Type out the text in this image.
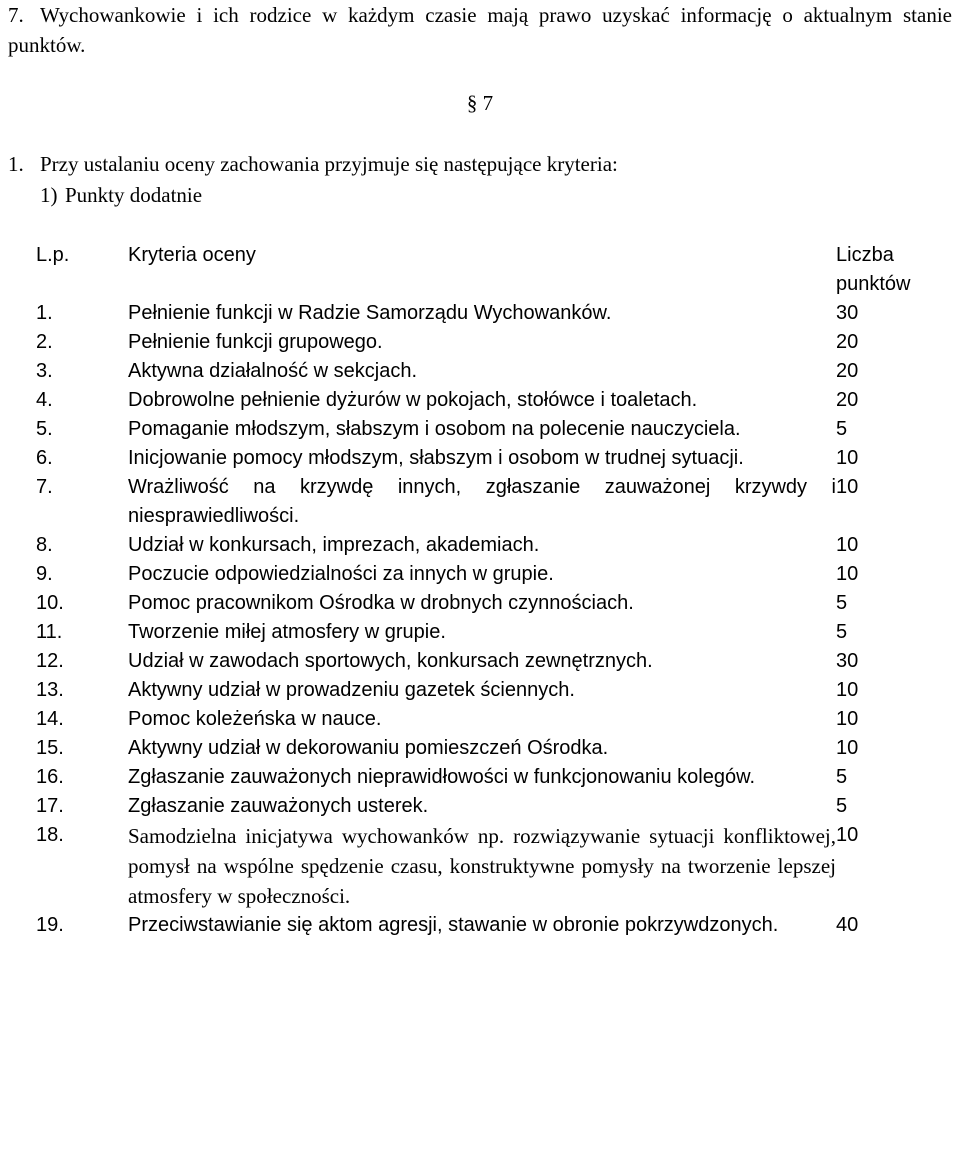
7. Wychowankowie i ich rodzice w każdym czasie mają prawo uzyskać informację o aktualnym stanie punktów.
§ 7
1. Przy ustalaniu oceny zachowania przyjmuje się następujące kryteria:
1) Punkty dodatnie
L.p.	Kryteria oceny	Liczba punktów
1.	Pełnienie funkcji w Radzie Samorządu Wychowanków.	30
2.	Pełnienie funkcji grupowego.	20
3.	Aktywna działalność w sekcjach.	20
4.	Dobrowolne pełnienie dyżurów w pokojach, stołówce i toaletach.	20
5.	Pomaganie młodszym, słabszym i osobom na polecenie nauczyciela.	5
6.	Inicjowanie pomocy młodszym, słabszym i osobom w trudnej sytuacji.	10
7.	Wrażliwość na krzywdę innych, zgłaszanie zauważonej krzywdy i niesprawiedliwości.	10
8.	Udział w konkursach, imprezach, akademiach.	10
9.	Poczucie odpowiedzialności za innych w grupie.	10
10.	Pomoc pracownikom Ośrodka w drobnych czynnościach.	5
11.	Tworzenie miłej atmosfery w grupie.	5
12.	Udział w zawodach sportowych, konkursach zewnętrznych.	30
13.	Aktywny udział w prowadzeniu gazetek ściennych.	10
14.	Pomoc koleżeńska w nauce.	10
15.	Aktywny udział w dekorowaniu pomieszczeń Ośrodka.	10
16.	Zgłaszanie zauważonych nieprawidłowości w funkcjonowaniu kolegów.	5
17.	Zgłaszanie zauważonych usterek.	5
18.	Samodzielna inicjatywa wychowanków np. rozwiązywanie sytuacji konfliktowej, pomysł na wspólne spędzenie czasu, konstruktywne pomysły na tworzenie lepszej atmosfery w społeczności.	10
19.	Przeciwstawianie się aktom agresji, stawanie w obronie pokrzywdzonych.	40
